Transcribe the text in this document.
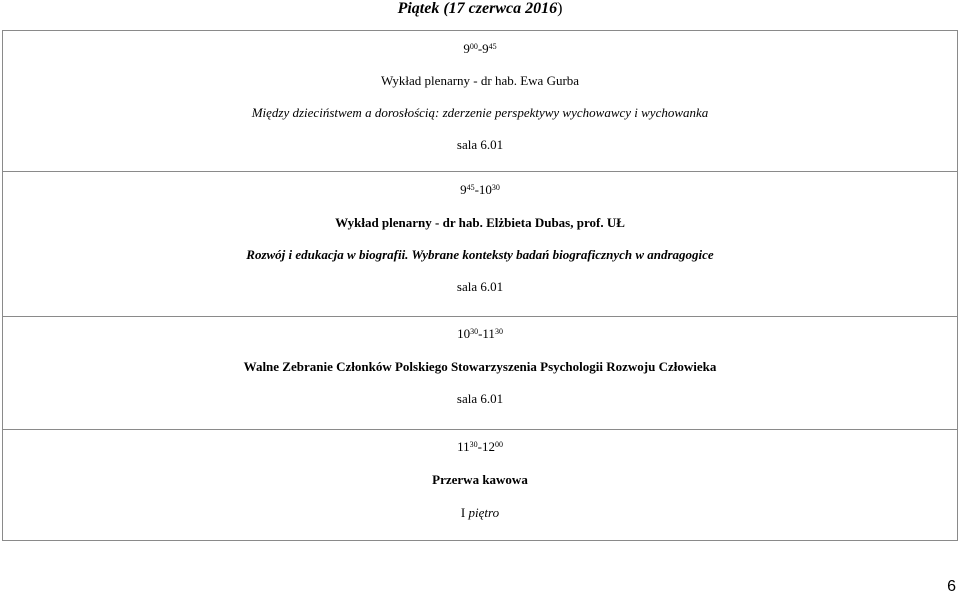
Piątek (17 czerwca 2016)
$9^{00}-9^{45}$
Wykład plenarny - dr hab. Ewa Gurba
Między dzieciństwem a dorosłością: zderzenie perspektywy wychowawcy i wychowanka
sala 6.01

$9^{45}-10^{30}$
Wykład plenarny - dr hab. Elżbieta Dubas, prof. UŁ
Rozwój i edukacja w biografii. Wybrane konteksty badań biograficznych w andragogice
sala 6.01

$10^{30}-11^{30}$
Walne Zebranie Członków Polskiego Stowarzyszenia Psychologii Rozwoju Człowieka
sala 6.01

$11^{30}-12^{00}$
Przerwa kawowa
I piętro
6
